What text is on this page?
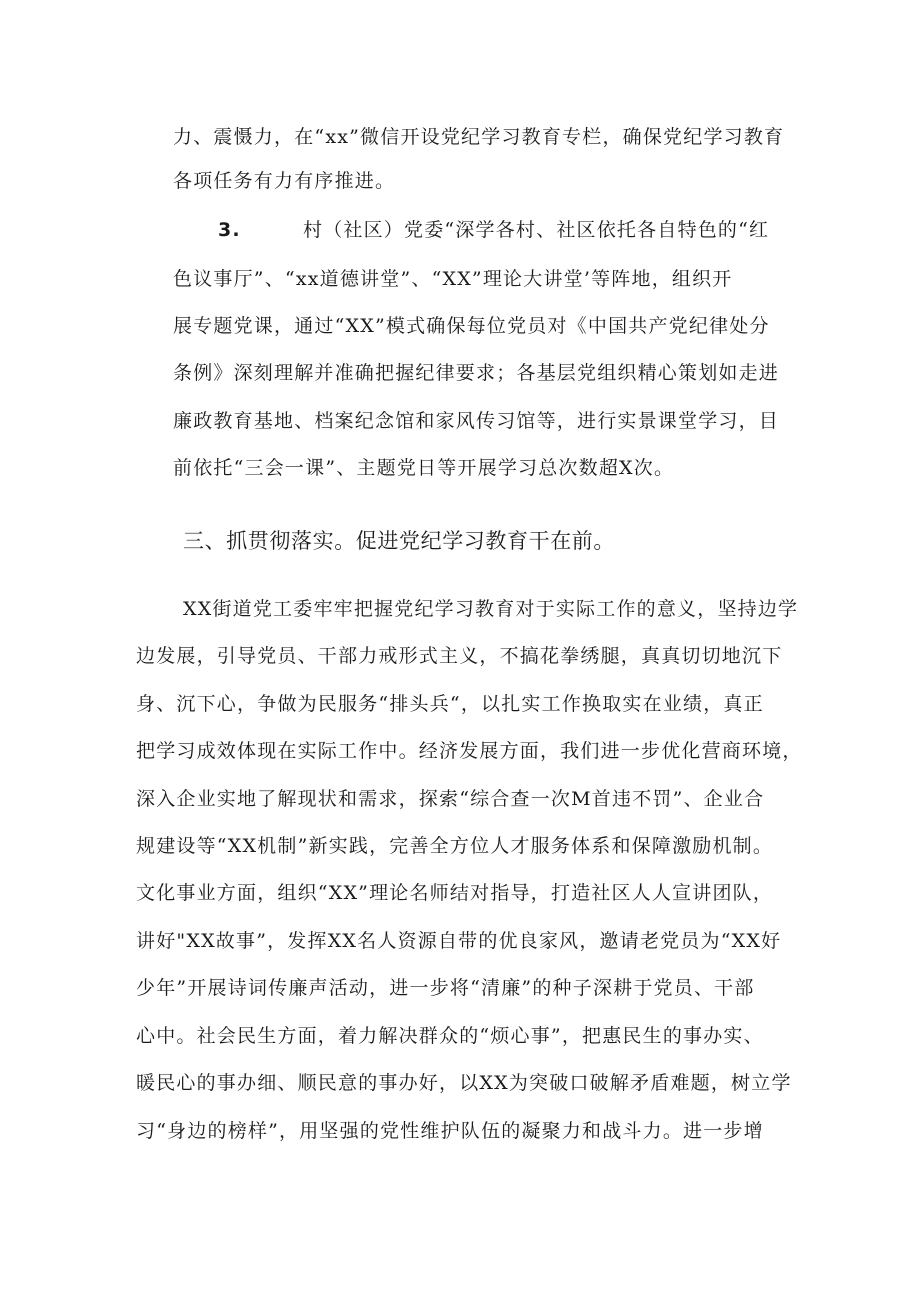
力、震慑力，在“xx”微信开设党纪学习教育专栏，确保党纪学习教育
各项任务有力有序推进。
3.	村（社区）党委“深学各村、社区依托各自特色的“红
色议事厅”、“xx道德讲堂”、“XX”理论大讲堂’等阵地，组织开
展专题党课，通过“XX”模式确保每位党员对《中国共产党纪律处分
条例》深刻理解并准确把握纪律要求；各基层党组织精心策划如走进
廉政教育基地、档案纪念馆和家风传习馆等，进行实景课堂学习，目
前依托“三会一课”、主题党日等开展学习总次数超X次。
三、抓贯彻落实。促进党纪学习教育干在前。
XX街道党工委牢牢把握党纪学习教育对于实际工作的意义，坚持边学
边发展，引导党员、干部力戒形式主义，不搞花拳绣腿，真真切切地沉下
身、沉下心，争做为民服务“排头兵“，以扎实工作换取实在业绩，真正
把学习成效体现在实际工作中。经济发展方面，我们进一步优化营商环境，
深入企业实地了解现状和需求，探索“综合查一次M首违不罚”、企业合
规建设等“XX机制”新实践，完善全方位人才服务体系和保障激励机制。
文化事业方面，组织“XX”理论名师结对指导，打造社区人人宣讲团队，
讲好"XX故事”，发挥XX名人资源自带的优良家风，邀请老党员为“XX好
少年”开展诗词传廉声活动，进一步将“清廉”的种子深耕于党员、干部
心中。社会民生方面，着力解决群众的“烦心事”，把惠民生的事办实、
暖民心的事办细、顺民意的事办好，以XX为突破口破解矛盾难题，树立学
习“身边的榜样”，用坚强的党性维护队伍的凝聚力和战斗力。进一步增
